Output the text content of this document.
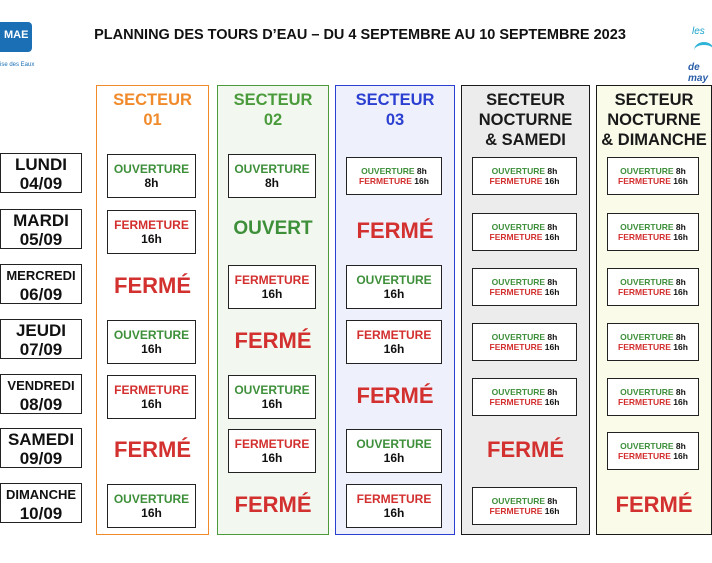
MAE
ise des Eaux
les
de may
PLANNING DES TOURS D’EAU – DU 4 SEPTEMBRE AU 10 SEPTEMBRE 2023
LUNDI
04/09
MARDI
05/09
MERCREDI
06/09
JEUDI
07/09
VENDREDI
08/09
SAMEDI
09/09
DIMANCHE
10/09
SECTEUR
01
OUVERTURE
8h
FERMETURE
16h
FERMÉ
OUVERTURE
16h
FERMETURE
16h
FERMÉ
OUVERTURE
16h
SECTEUR
02
OUVERTURE
8h
OUVERT
FERMETURE
16h
FERMÉ
OUVERTURE
16h
FERMETURE
16h
FERMÉ
SECTEUR
03
OUVERTURE 8h
FERMETURE 16h
FERMÉ
OUVERTURE
16h
FERMETURE
16h
FERMÉ
OUVERTURE
16h
FERMETURE
16h
SECTEUR
NOCTURNE
& SAMEDI
OUVERTURE 8h
FERMETURE 16h
OUVERTURE 8h
FERMETURE 16h
OUVERTURE 8h
FERMETURE 16h
OUVERTURE 8h
FERMETURE 16h
OUVERTURE 8h
FERMETURE 16h
FERMÉ
OUVERTURE 8h
FERMETURE 16h
SECTEUR
NOCTURNE
& DIMANCHE
OUVERTURE 8h
FERMETURE 16h
OUVERTURE 8h
FERMETURE 16h
OUVERTURE 8h
FERMETURE 16h
OUVERTURE 8h
FERMETURE 16h
OUVERTURE 8h
FERMETURE 16h
OUVERTURE 8h
FERMETURE 16h
FERMÉ
